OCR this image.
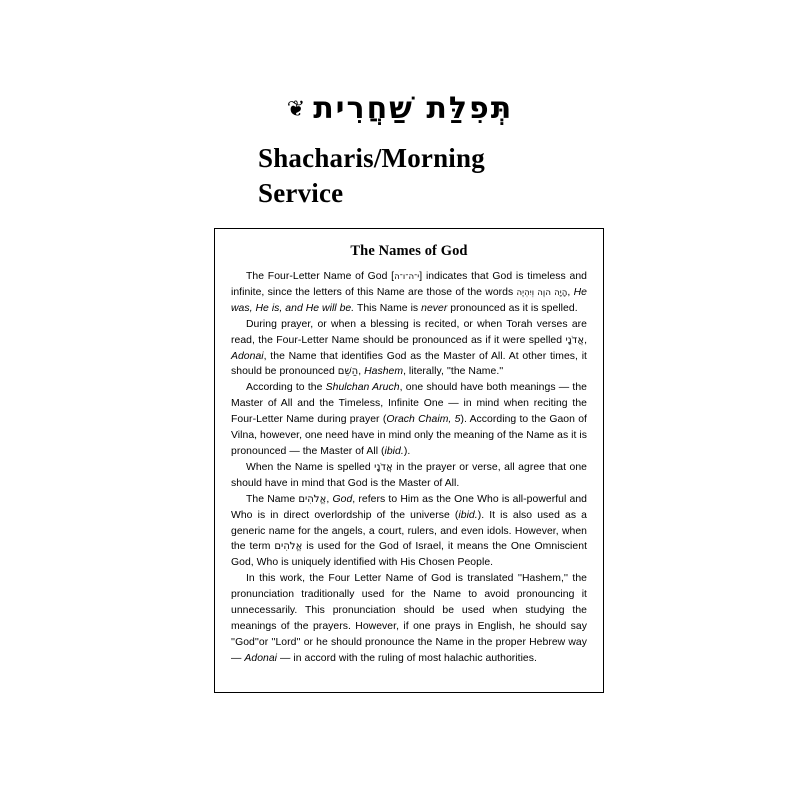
תְּפִלַּת שַׁחֲרִית❦
Shacharis/Morning
Service
The Names of God

The Four-Letter Name of God [י־ה־ו־ה] indicates that God is timeless and infinite, since the letters of this Name are those of the words הָיָה הוֶה וְיִהְיֶה, He was, He is, and He will be. This Name is never pronounced as it is spelled.

During prayer, or when a blessing is recited, or when Torah verses are read, the Four-Letter Name should be pronounced as if it were spelled אֲדֹנָי, Adonai, the Name that identifies God as the Master of All. At other times, it should be pronounced הַשֵׁם, Hashem, literally, ''the Name.''

According to the Shulchan Aruch, one should have both meanings — the Master of All and the Timeless, Infinite One — in mind when reciting the Four-Letter Name during prayer (Orach Chaim, 5). According to the Gaon of Vilna, however, one need have in mind only the meaning of the Name as it is pronounced — the Master of All (ibid.).

When the Name is spelled אֲדֹנָי in the prayer or verse, all agree that one should have in mind that God is the Master of All.

The Name אֱלֹהִים, God, refers to Him as the One Who is all-powerful and Who is in direct overlordship of the universe (ibid.). It is also used as a generic name for the angels, a court, rulers, and even idols. However, when the term אֱלֹהִים is used for the God of Israel, it means the One Omniscient God, Who is uniquely identified with His Chosen People.

In this work, the Four Letter Name of God is translated ''Hashem,'' the pronunciation traditionally used for the Name to avoid pronouncing it unnecessarily. This pronunciation should be used when studying the meanings of the prayers. However, if one prays in English, he should say ''God''or ''Lord'' or he should pronounce the Name in the proper Hebrew way — Adonai — in accord with the ruling of most halachic authorities.
